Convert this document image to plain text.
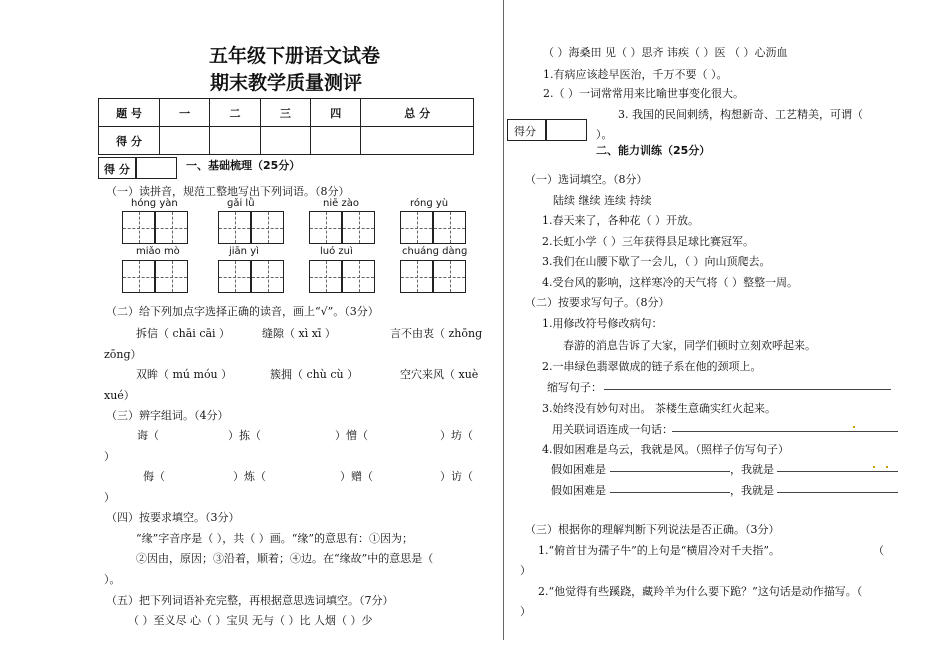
五年级下册语文试卷
期末教学质量测评
题 号	一	二	三	四	总 分
得 分					
得 分	一、基础梳理（25分）
（一）读拼音，规范工整地写出下列词语。（8分）
hónɡ yàn	ɡǎi lǜ	niē zào	rónɡ yù
miǎo mò	jiān yì	luó zuì	chuánɡ dànɡ
（二）给下列加点字选择正确的读音，画上“√”。（3分）
拆信（ chāi cāi ）	缝隙（ xì xī ）	言不由衷（ zhōnɡ
zōnɡ）
双眸（ mú móu ）	簇拥（ chù cù ）	空穴来风（ xuè
xué）
（三）辨字组词。（4分）
诲（	）拣（	）憎（	）坊（
）
侮（	）炼（	）赠（	）访（
）
（四）按要求填空。（3分）
“缘”字音序是（ ），共（ ）画。“缘”的意思有：①因为；
②因由，原因；③沿着，顺着；④边。在“缘故”中的意思是（
）。
（五）把下列词语补充完整，再根据意思选词填空。（7分）
（ ）至义尽 心（ ）宝贝 无与（ ）比 人烟（ ）少
（ ）海桑田 见（ ）思齐 讳疾（ ）医 （ ）心沥血
1.有病应该趁早医治，千万不要（ ）。
2.（ ）一词常常用来比喻世事变化很大。
3. 我国的民间剌绣，构想新奇、工艺精美，可谓（
得分	）。
二、能力训练（25分）
（一）选词填空。（8分）
陆续 继续 连续 持续
1.春天来了，各种花（ ）开放。
2.长虹小学（ ）三年获得县足球比赛冠军。
3.我们在山腰下歇了一会儿，（ ）向山顶爬去。
4.受台风的影响，这样寒冷的天气将（ ）整整一周。
（二）按要求写句子。（8分）
1.用修改符号修改病句：
春游的消息告诉了大家，同学们顿时立刻欢呼起来。
2.一串绿色翡翠做成的链子系在他的颈项上。
缩写句子：
3.始终没有妙句对出。 茶楼生意确实红火起来。
用关联词语连成一句话：
4.假如困难是乌云，我就是风。（照样子仿写句子）
假如困难是	，我就是
假如困难是	，我就是
（三）根据你的理解判断下列说法是否正确。（3分）
1.“俯首甘为孺子牛”的上句是“横眉冷对千夫指”。	（
）
2.“他觉得有些蹊跷，藏羚羊为什么要下跪？”这句话是动作描写。（
）
